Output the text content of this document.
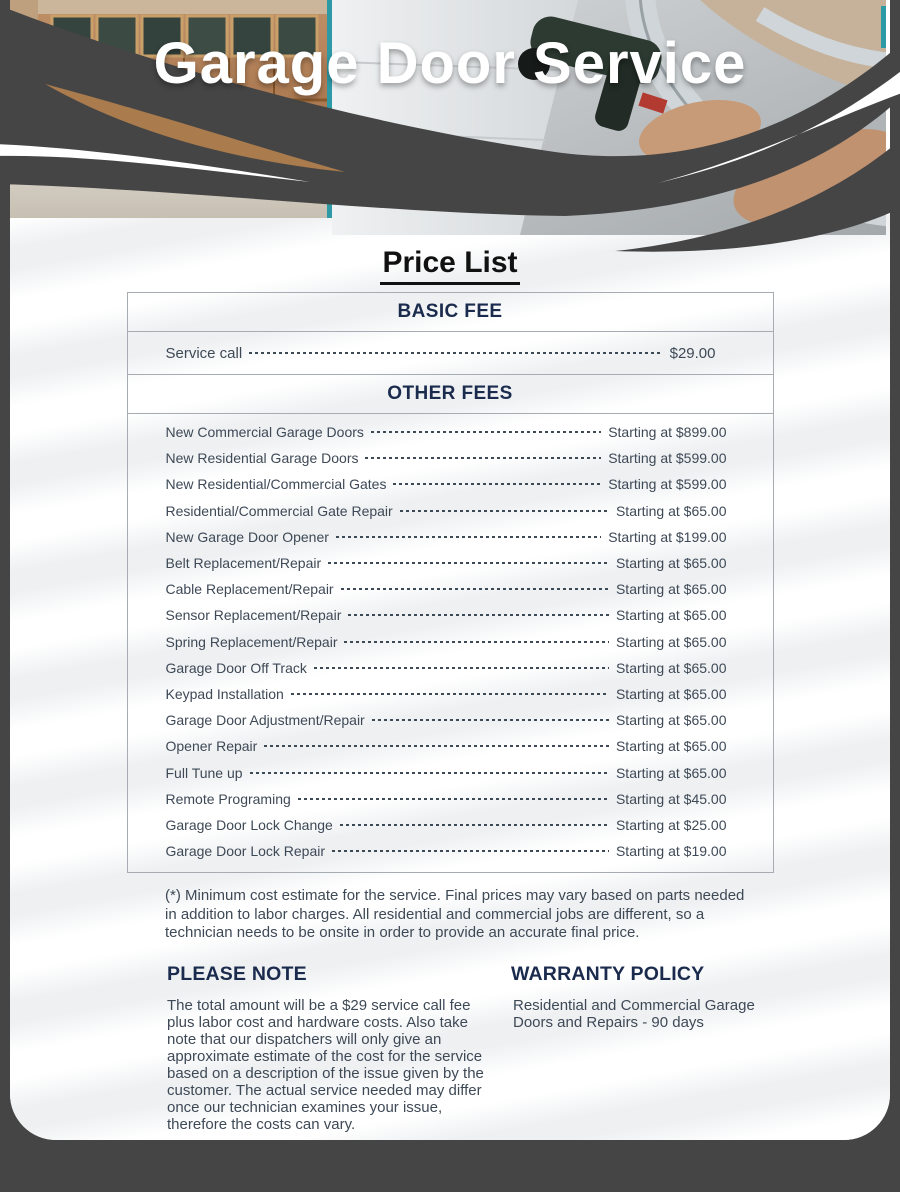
Garage Door Service
Price List
BASIC FEE
Service call	$29.00
OTHER FEES
New Commercial Garage Doors	Starting at $899.00
New Residential Garage Doors	Starting at $599.00
New Residential/Commercial Gates	Starting at $599.00
Residential/Commercial Gate Repair	Starting at $65.00
New Garage Door Opener	Starting at $199.00
Belt Replacement/Repair	Starting at $65.00
Cable Replacement/Repair	Starting at $65.00
Sensor Replacement/Repair	Starting at $65.00
Spring Replacement/Repair	Starting at $65.00
Garage Door Off Track	Starting at $65.00
Keypad Installation	Starting at $65.00
Garage Door Adjustment/Repair	Starting at $65.00
Opener Repair	Starting at $65.00
Full Tune up	Starting at $65.00
Remote Programing	Starting at $45.00
Garage Door Lock Change	Starting at $25.00
Garage Door Lock Repair	Starting at $19.00

(*) Minimum cost estimate for the service. Final prices may vary based on parts needed in addition to labor charges. All residential and commercial jobs are different, so a technician needs to be onsite in order to provide an accurate final price.

PLEASE NOTE

The total amount will be a $29 service call fee plus labor cost and hardware costs. Also take note that our dispatchers will only give an approximate estimate of the cost for the service based on a description of the issue given by the customer. The actual service needed may differ once our technician examines your issue, therefore the costs can vary.

WARRANTY POLICY

Residential and Commercial Garage Doors and Repairs - 90 days
